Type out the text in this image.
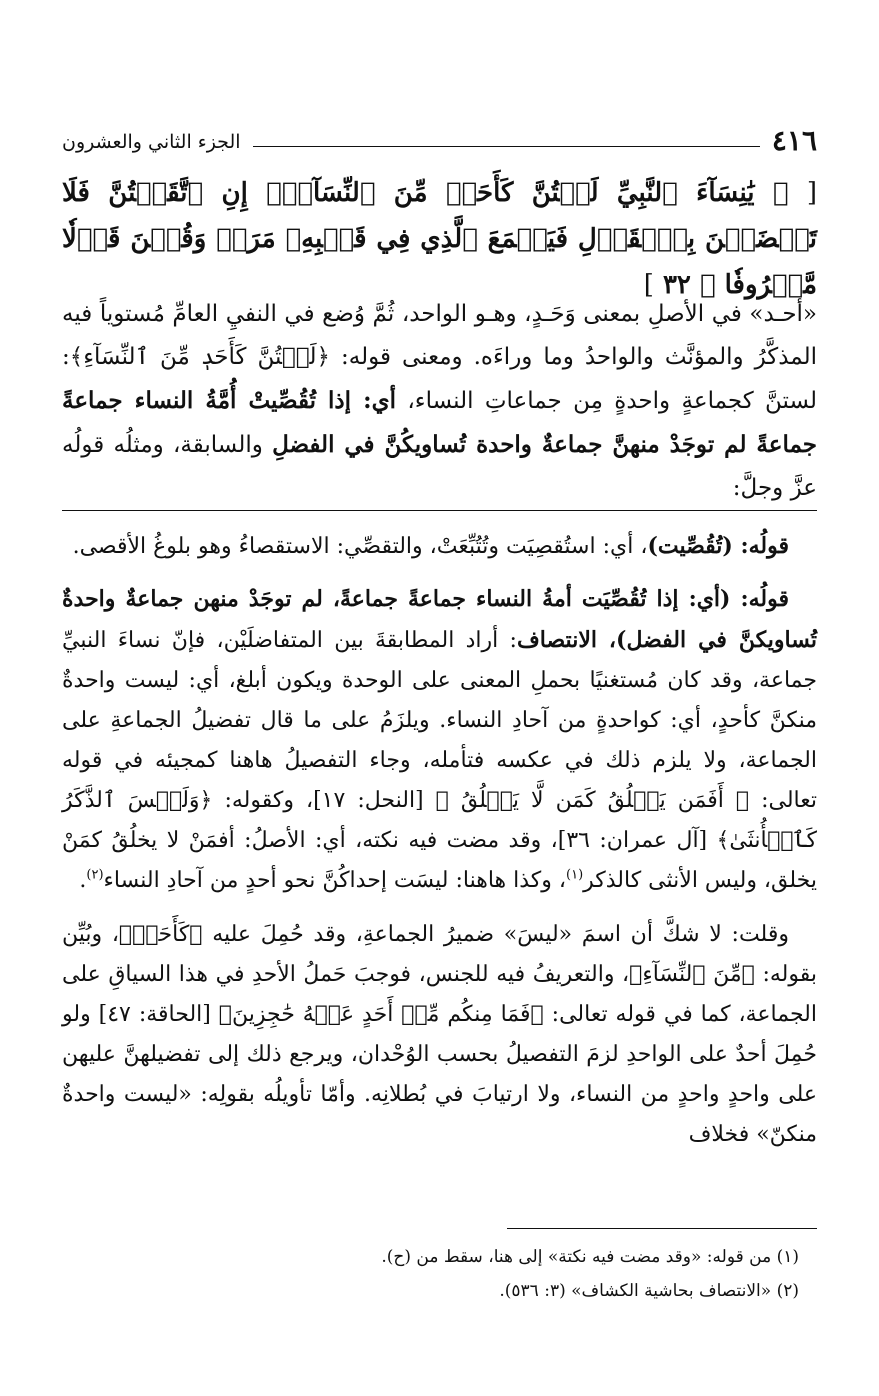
٤١٦
الجزء الثاني والعشرون
[ ﴿ يَٰنِسَآءَ ٱلنَّبِيِّ لَسۡتُنَّ كَأَحَدٖ مِّنَ ٱلنِّسَآءِۚ إِنِ ٱتَّقَيۡتُنَّ فَلَا تَخۡضَعۡنَ بِٱلۡقَوۡلِ فَيَطۡمَعَ ٱلَّذِي فِي قَلۡبِهِۦ مَرَضٞ وَقُلۡنَ قَوۡلٗا مَّعۡرُوفٗا ﴾ ٣٢ ]

«أحـد» في الأصلِ بمعنى وَحَـدٍ، وهـو الواحد، ثُمَّ وُضع في النفيِ العامِّ مُستوياً فيه المذكَّرُ والمؤنَّث والواحدُ وما وراءَه. ومعنى قوله: ﴿لَسۡتُنَّ كَأَحَدٖ مِّنَ ٱلنِّسَآءِ﴾: لستنَّ كجماعةٍ واحدةٍ مِن جماعاتِ النساء، أي: إذا تُقُصِّيتْ أُمَّةُ النساء جماعةً جماعةً لم توجَدْ منهنَّ جماعةٌ واحدة تُساويكُنَّ في الفضلِ والسابقة، ومثلُه قولُه عزَّ وجلَّ:

قولُه: (تُقُصِّيت)، أي: استُقصِيَت وتُتُبِّعَتْ، والتقصِّي: الاستقصاءُ وهو بلوغُ الأقصى.

قولُه: (أي: إذا تُقُصِّيَت أمةُ النساء جماعةً جماعةً، لم توجَدْ منهن جماعةٌ واحدةٌ تُساويكنَّ في الفضل)، الانتصاف: أراد المطابقةَ بين المتفاضلَيْن، فإنّ نساءَ النبيِّ جماعة، وقد كان مُستغنيًا بحملِ المعنى على الوحدة ويكون أبلغ، أي: ليست واحدةٌ منكنَّ كأحدٍ، أي: كواحدةٍ من آحادِ النساء. ويلزَمُ على ما قال تفضيلُ الجماعةِ على الجماعة، ولا يلزم ذلك في عكسه فتأمله، وجاء التفصيلُ هاهنا كمجيئه في قوله تعالى: ﴿ أَفَمَن يَخۡلُقُ كَمَن لَّا يَخۡلُقُ ﴾ [النحل: ١٧]، وكقوله: ﴿وَلَيۡسَ ٱلذَّكَرُ كَٱلۡأُنثَىٰ﴾ [آل عمران: ٣٦]، وقد مضت فيه نكته، أي: الأصلُ: أفمَنْ لا يخلُقُ كمَنْ يخلق، وليس الأنثى كالذكر$^{(١)}$، وكذا هاهنا: ليسَت إحداكُنَّ نحو أحدٍ من آحادِ النساء$^{(٢)}$.

وقلت: لا شكَّ أن اسمَ «ليسَ» ضميرُ الجماعةِ، وقد حُمِلَ عليه ﴿كَأَحَدٖ﴾، وبُيِّن بقوله: ﴿مِّنَ ٱلنِّسَآءِ﴾، والتعريفُ فيه للجنس، فوجبَ حَملُ الأحدِ في هذا السياقِ على الجماعة، كما في قوله تعالى: ﴿فَمَا مِنكُم مِّنۡ أَحَدٍ عَنۡهُ حَٰجِزِينَ﴾ [الحاقة: ٤٧] ولو حُمِلَ أحدٌ على الواحدِ لزمَ التفصيلُ بحسب الوُحْدان، ويرجع ذلك إلى تفضيلهنَّ عليهن على واحدٍ واحدٍ من النساء، ولا ارتيابَ في بُطلانِه. وأمّا تأويلُه بقولِه: «ليست واحدةٌ منكنّ» فخلاف

(١) من قوله: «وقد مضت فيه نكتة» إلى هنا، سقط من (ح).

(٢) «الانتصاف بحاشية الكشاف» (٣: ٥٣٦).
